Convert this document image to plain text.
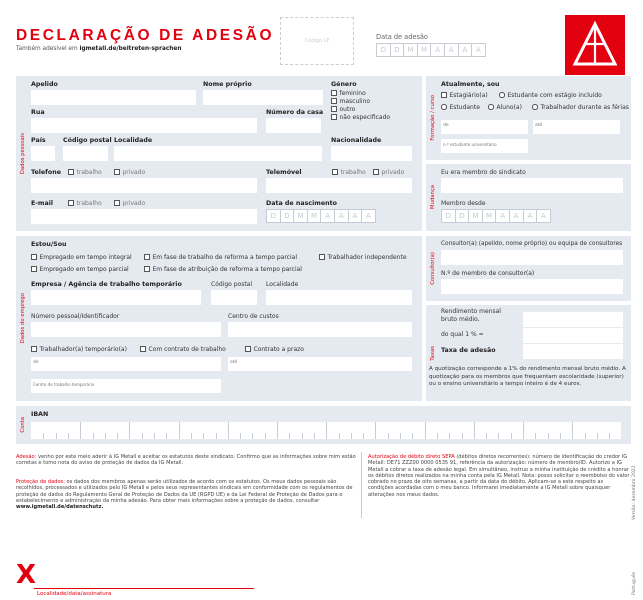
DECLARAÇÃO DE ADESÃO
Também adesivel em igmetall.de/beitreten-sprachen
Código LP	Data de adesão
D	D	M	M	A	A	A	A
Dados pessoais
Apelido	Nome próprio	Género
feminino
masculino
outro
não especificado
Rua	Número da casa
País	Código postal Localidade	Nacionalidade
Telefone	trabalho	privado	Telemóvel	trabalho	privado
E-mail	trabalho	privado	Data de nascimento
D	D	M	M	A	A	A	A
Formação / curso
Atualmente, sou
Estagiário(a)	Estudante com estágio incluído
Estudante	Aluno(a)	Trabalhador durante as férias
de	até
n.º estudante universitário
Mudança
Eu era membro do sindicato
Membro desde
D	D	M	M	A	A	A	A
Dados do emprego
Estou/Sou
Empregado em tempo integral	Em fase de trabalho de reforma a tempo parcial	Trabalhador independente
Empregado em tempo parcial	Em fase de atribuição de reforma a tempo parcial
Empresa / Agência de trabalho temporário	Código postal Localidade
Número pessoal/Identificador	Centro de custos
Trabalhador(a) temporário(a)	Com contrato de trabalho	Contrato a prazo
de	até
Centro de trabalho temporário
Consultor(a)
Consultor(a) (apelido, nome próprio) ou equipa de consultores
N.º de membro de consultor(a)
Taxas
Rendimento mensal
bruto médio,
do qual 1 % =
Taxa de adesão
A quotização corresponde a 1% do rendimento mensal bruto médio. A quotização para os membros que frequentam escolaridade (superior) ou o ensino universitário a tempo inteiro é de 4 euros.
Conta
IBAN
Adesão: venho por este meio aderir à IG Metall e aceitar os estatutos deste sindicato. Confirmo que as informações sobre mim estão corretas e tomo nota do aviso de proteção de dados da IG Metall.
Proteção de dados: os dados dos membros apenas serão utilizados de acordo com os estatutos. Os meus dados pessoais são recolhidos, processados e utilizados pelo IG Metall e pelos seus representantes sindicais em conformidade com os regulamentos de proteção de dados do Regulamento Geral de Proteção de Dados da UE (RGPD UE) e da Lei Federal de Proteção de Dados para o estabelecimento e administração da minha adesão. Para obter mais informações sobre a proteção de dados, consultar www.igmetall.de/datenschutz.
Autorização de débito direto SEPA (débitos diretos recorrentes): número de identificação do credor IG Metall: DE71 ZZZ00 0000 0535 91, referência da autorização: número de membro/ID. Autorizo a IG Metall a cobrar a taxa de adesão legal. Em simultâneo, instruo a minha instituição de crédito a honrar os débitos diretos realizados na minha conta pela IG Metall. Nota: posso solicitar o reembolso do valor cobrado no prazo de oito semanas, a partir da data do débito. Aplicam-se a este respeito as condições acordadas com o meu banco. Informarei imediatamente a IG Metall sobre quaisquer alterações nos meus dados.	Versão: dezembro 2022
Português
X
Localidade/data/assinatura
